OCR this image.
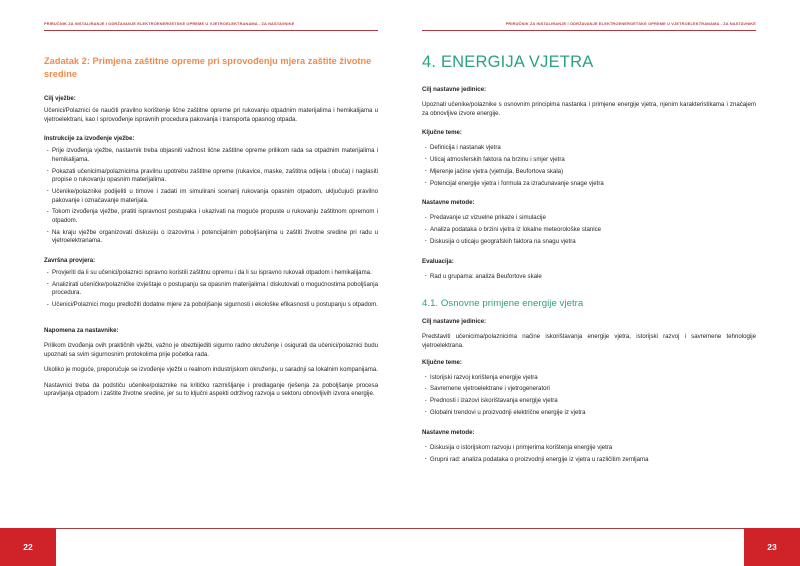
PRIRUČNIK ZA INSTALIRANJE I ODRŽAVANJE ELEKTROENERGETSKE OPREME U VJETROELEKTRANAMA - ZA NASTAVNIKE
Zadatak 2: Primjena zaštitne opreme pri sprovođenju mjera zaštite životne sredine
Cilj vježbe:

Učenici/Polaznici će naučiti pravilno korištenje lične zaštitne opreme pri rukovanju otpadnim materijalima i hemikalijama u vjetroelektrani, kao i sprovođenje ispravnih procedura pakovanja i transporta opasnog otpada.

Instrukcije za izvođenje vježbe:
· Prije izvođenja vježbe, nastavnik treba objasniti važnost lične zaštitne opreme prilikom rada sa otpadnim materijalima i hemikalijama.
· Pokazati učenicima/polaznicima pravilnu upotrebu zaštitne opreme (rukavice, maske, zaštitna odijela i obuća) i naglasiti propise o rukovanju opasnim materijalima.
· Učenike/polaznike podijeliti u timove i zadati im simulirani scenarij rukovanja opasnim otpadom, uključujući pravilno pakovanje i označavanje materijala.
· Tokom izvođenja vježbe, pratiti ispravnost postupaka i ukazivati na moguće propuste u rukovanju zaštitnom opremom i otpadom.
· Na kraju vježbe organizovati diskusiju o izazovima i potencijalnim poboljšanjima u zaštiti životne sredine pri radu u vjetroelektranama.
Završna provjera:
· Provjeriti da li su učenici/polaznici ispravno koristili zaštitnu opremu i da li su ispravno rukovali otpadom i hemikalijama.
· Analizirati učeničke/polazničke izvještaje o postupanju sa opasnim materijalima i diskutovati o mogućnostima poboljšanja procedura.
· Učenici/Polaznici mogu predložiti dodatne mjere za poboljšanje sigurnosti i ekološke efikasnosti u postupanju s otpadom.
Napomena za nastavnike:

Prilikom izvođenja ovih praktičnih vježbi, važno je obezbijediti sigurno radno okruženje i osigurati da učenici/polaznici budu upoznati sa svim sigurnosnim protokolima prije početka rada.

Ukoliko je moguće, preporučuje se izvođenje vježbi u realnom industrijskom okruženju, u saradnji sa lokalnim kompanijama.

Nastavnici treba da podstiču učenike/polaznike na kritičko razmišljanje i predlaganje rješenja za poboljšanje procesa upravljanja otpadom i zaštite životne sredine, jer su to ključni aspekti održivog razvoja u sektoru obnovljivih izvora energije.

22
PRIRUČNIK ZA INSTALIRANJE I ODRŽAVANJE ELEKTROENERGETSKE OPREME U VJETROELEKTRANAMA - ZA NASTAVNIKE
4. ENERGIJA VJETRA
Cilj nastavne jedinice:

Upoznati učenike/polaznike s osnovnim principima nastanka i primjene energije vjetra, njenim karakteristikama i značajem za obnovljive izvore energije.

Ključne teme:
· Definicija i nastanak vjetra
· Uticaj atmosferskih faktora na brzinu i smjer vjetra
· Mjerenje jačine vjetra (vjetrulja, Beufortova skala)
· Potencijal energije vjetra i formula za izračunavanje snage vjetra
Nastavne metode:
· Predavanje uz vizuelne prikaze i simulacije
· Analiza podataka o brzini vjetra iz lokalne meteorološke stanice
· Diskusija o uticaju geografskih faktora na snagu vjetra
Evaluacija:
· Rad u grupama: analiza Beufortove skale
4.1. Osnovne primjene energije vjetra
Cilj nastavne jedinice:

Predstaviti učenicima/polaznicima načine iskorištavanja energije vjetra, istorijski razvoj i savremene tehnologije vjetroelektrana.

Ključne teme:
· Istorijski razvoj korištenja energije vjetra
· Savremene vjetroelektrane i vjetrogeneratori
· Prednosti i izazovi iskorištavanja energije vjetra
· Globalni trendovi u proizvodnji električne energije iz vjetra
Nastavne metode:
· Diskusija o istorijskom razvoju i primjerima korištenja energije vjetra
· Grupni rad: analiza podataka o proizvodnji energije iz vjetra u različitim zemljama
23
